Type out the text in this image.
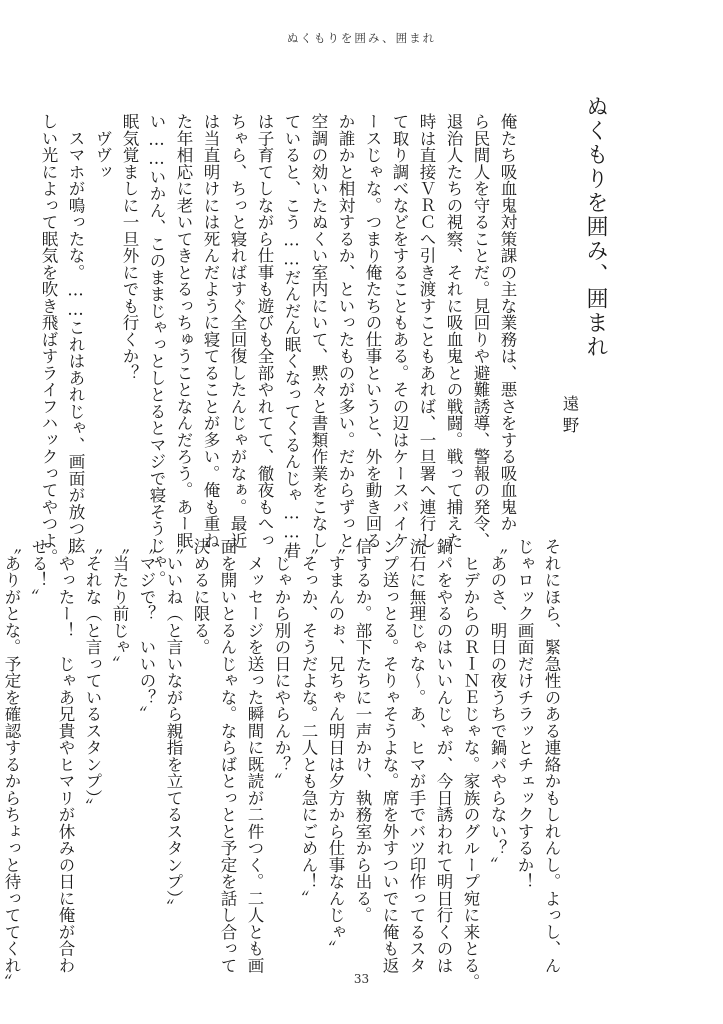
ぬくもりを囲み、囲まれ

ぬくもりを囲み、囲まれ

遠野

俺たち吸血鬼対策課の主な業務は、悪さをする吸血鬼か

ら民間人を守ることだ。見回りや避難誘導、警報の発令、

退治人たちの視察、それに吸血鬼との戦闘。戦って捕えた

時は直接ＶＲＣへ引き渡すこともあれば、一旦署へ連行し

て取り調べなどをすることもある。その辺はケースバイケ

ースじゃな。つまり俺たちの仕事というと、外を動き回る

か誰かと相対するか、といったものが多い。だからずっと

空調の効いたぬくい室内にいて、黙々と書類作業をこなし

ていると、こう……だんだん眠くなってくるんじゃ……昔

は子育てしながら仕事も遊びも全部やれてて、徹夜もへっ

ちゃら、ちっと寝ればすぐ全回復したんじゃがなぁ。最近

は当直明けには死んだように寝てることが多い。俺も重ね

た年相応に老いてきとるっちゅうことなんだろう。あー眠

い……いかん、このままじゃっとしとるとマジで寝そうじゃ。

眠気覚ましに一旦外にでも行くか？

　ヴヴッ

　スマホが鳴ったな。……これはあれじゃ、画面が放つ眩

しい光によって眠気を吹き飛ばすライフハックってやつよ。

それにほら、緊急性のある連絡かもしれんし。よっし、ん

じゃロック画面だけチラッとチェックするか！

〝あのさ、明日の夜うちで鍋パやらない？〟

　ヒデからのＲＩＮＥじゃな。家族のグループ宛に来とる。

鍋パをやるのはいいんじゃが、今日誘われて明日行くのは

流石に無理じゃな〜。あ、ヒマが手でバツ印作ってるスタ

ンプ送っとる。そりゃそうよな。席を外すついでに俺も返

信するか。部下たちに一声かけ、執務室から出る。

〝すまんのぉ、兄ちゃん明日は夕方から仕事なんじゃ〟

〝そっか、そうだよな。二人とも急にごめん！〟

〝じゃから別の日にやらんか？〟

　メッセージを送った瞬間に既読が二件つく。二人とも画

面を開いとるんじゃな。ならばとっとと予定を話し合って

決めるに限る。

〝いいね（と言いながら親指を立てるスタンプ）〟

〝マジで？　いいの？〟

〝当たり前じゃ〟

〝それな（と言っているスタンプ）〟

〝やったー！　じゃあ兄貴やヒマリが休みの日に俺が合わ

せる！〟

〝ありがとな。予定を確認するからちょっと待っててくれ〟	33
